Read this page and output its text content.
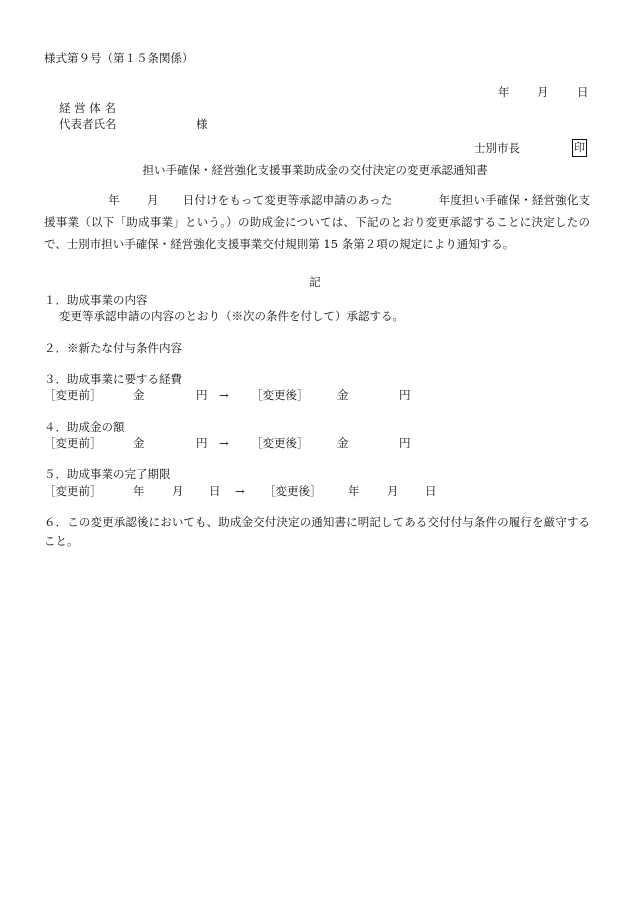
様式第９号（第１５条関係）
年 月 日
経 営 体 名
代表者氏名	様
士別市長	印
担い手確保・経営強化支援事業助成金の交付決定の変更承認通知書
年 月 日付けをもって変更等承認申請のあった	年度担い手確保・経営強化支援事業（以下「助成事業」という。）の助成金については、下記のとおり変更承認することに決定したので、士別市担い手確保・経営強化支援事業交付規則第 15 条第２項の規定により通知する。
記
１．助成事業の内容
変更等承認申請の内容のとおり（※次の条件を付して）承認する。
２．※新たな付与条件内容
３．助成事業に要する経費
［変更前］	金	円 → ［変更後］ 金	円
４．助成金の額
［変更前］	金	円 → ［変更後］ 金	円
５．助成事業の完了期限
［変更前］	年 月 日 → ［変更後］ 年 月 日
６．この変更承認後においても、助成金交付決定の通知書に明記してある交付付与条件の履行を厳守すること。
